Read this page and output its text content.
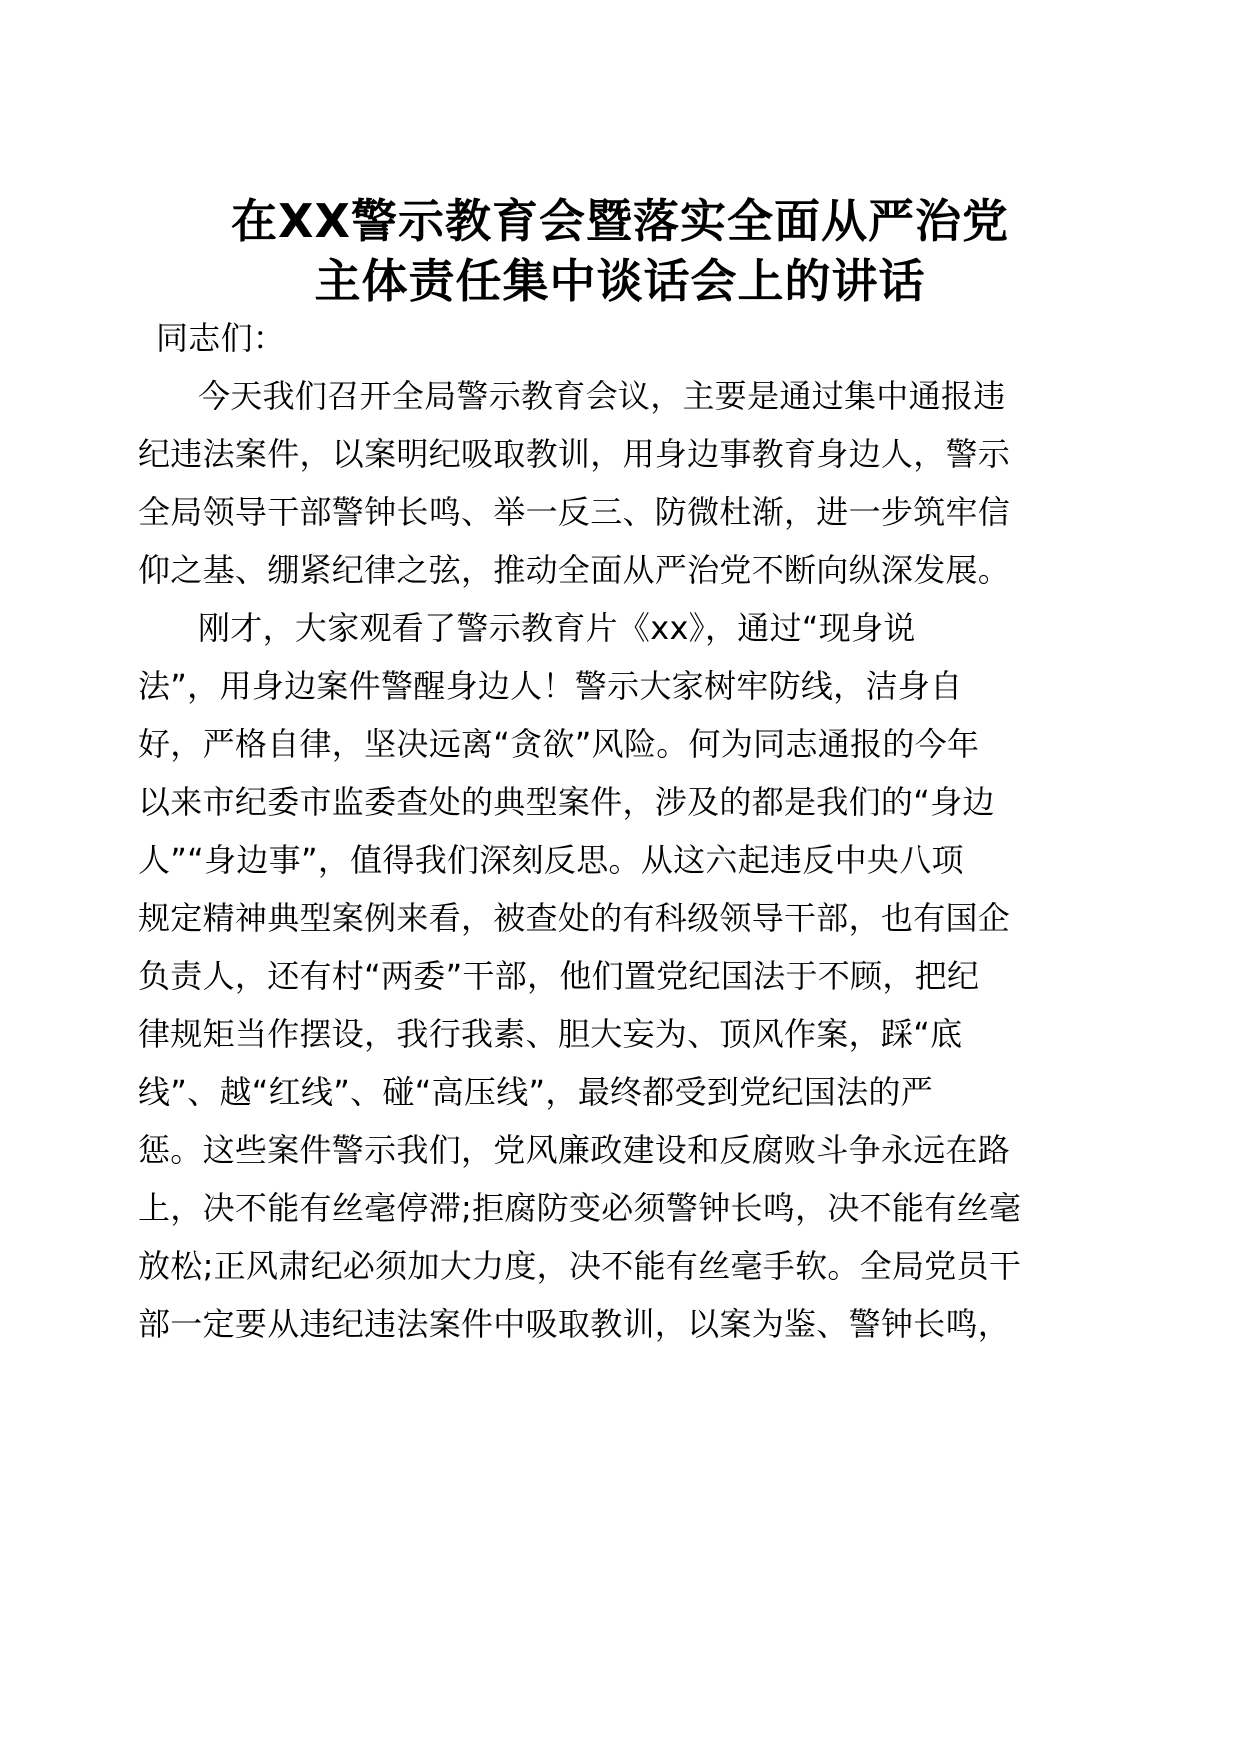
在XX警示教育会暨落实全面从严治党
主体责任集中谈话会上的讲话
同志们：
今天我们召开全局警示教育会议，主要是通过集中通报违
纪违法案件，以案明纪吸取教训，用身边事教育身边人，警示
全局领导干部警钟长鸣、举一反三、防微杜渐，进一步筑牢信
仰之基、绷紧纪律之弦，推动全面从严治党不断向纵深发展。
刚才，大家观看了警示教育片《xx》，通过“现身说
法”，用身边案件警醒身边人！警示大家树牢防线，洁身自
好，严格自律，坚决远离“贪欲”风险。何为同志通报的今年
以来市纪委市监委查处的典型案件，涉及的都是我们的“身边
人”“身边事”，值得我们深刻反思。从这六起违反中央八项
规定精神典型案例来看，被查处的有科级领导干部，也有国企
负责人，还有村“两委”干部，他们置党纪国法于不顾，把纪
律规矩当作摆设，我行我素、胆大妄为、顶风作案，踩“底
线”、越“红线”、碰“高压线”，最终都受到党纪国法的严
惩。这些案件警示我们，党风廉政建设和反腐败斗争永远在路
上，决不能有丝毫停滞;拒腐防变必须警钟长鸣，决不能有丝毫
放松;正风肃纪必须加大力度，决不能有丝毫手软。全局党员干
部一定要从违纪违法案件中吸取教训，以案为鉴、警钟长鸣，
